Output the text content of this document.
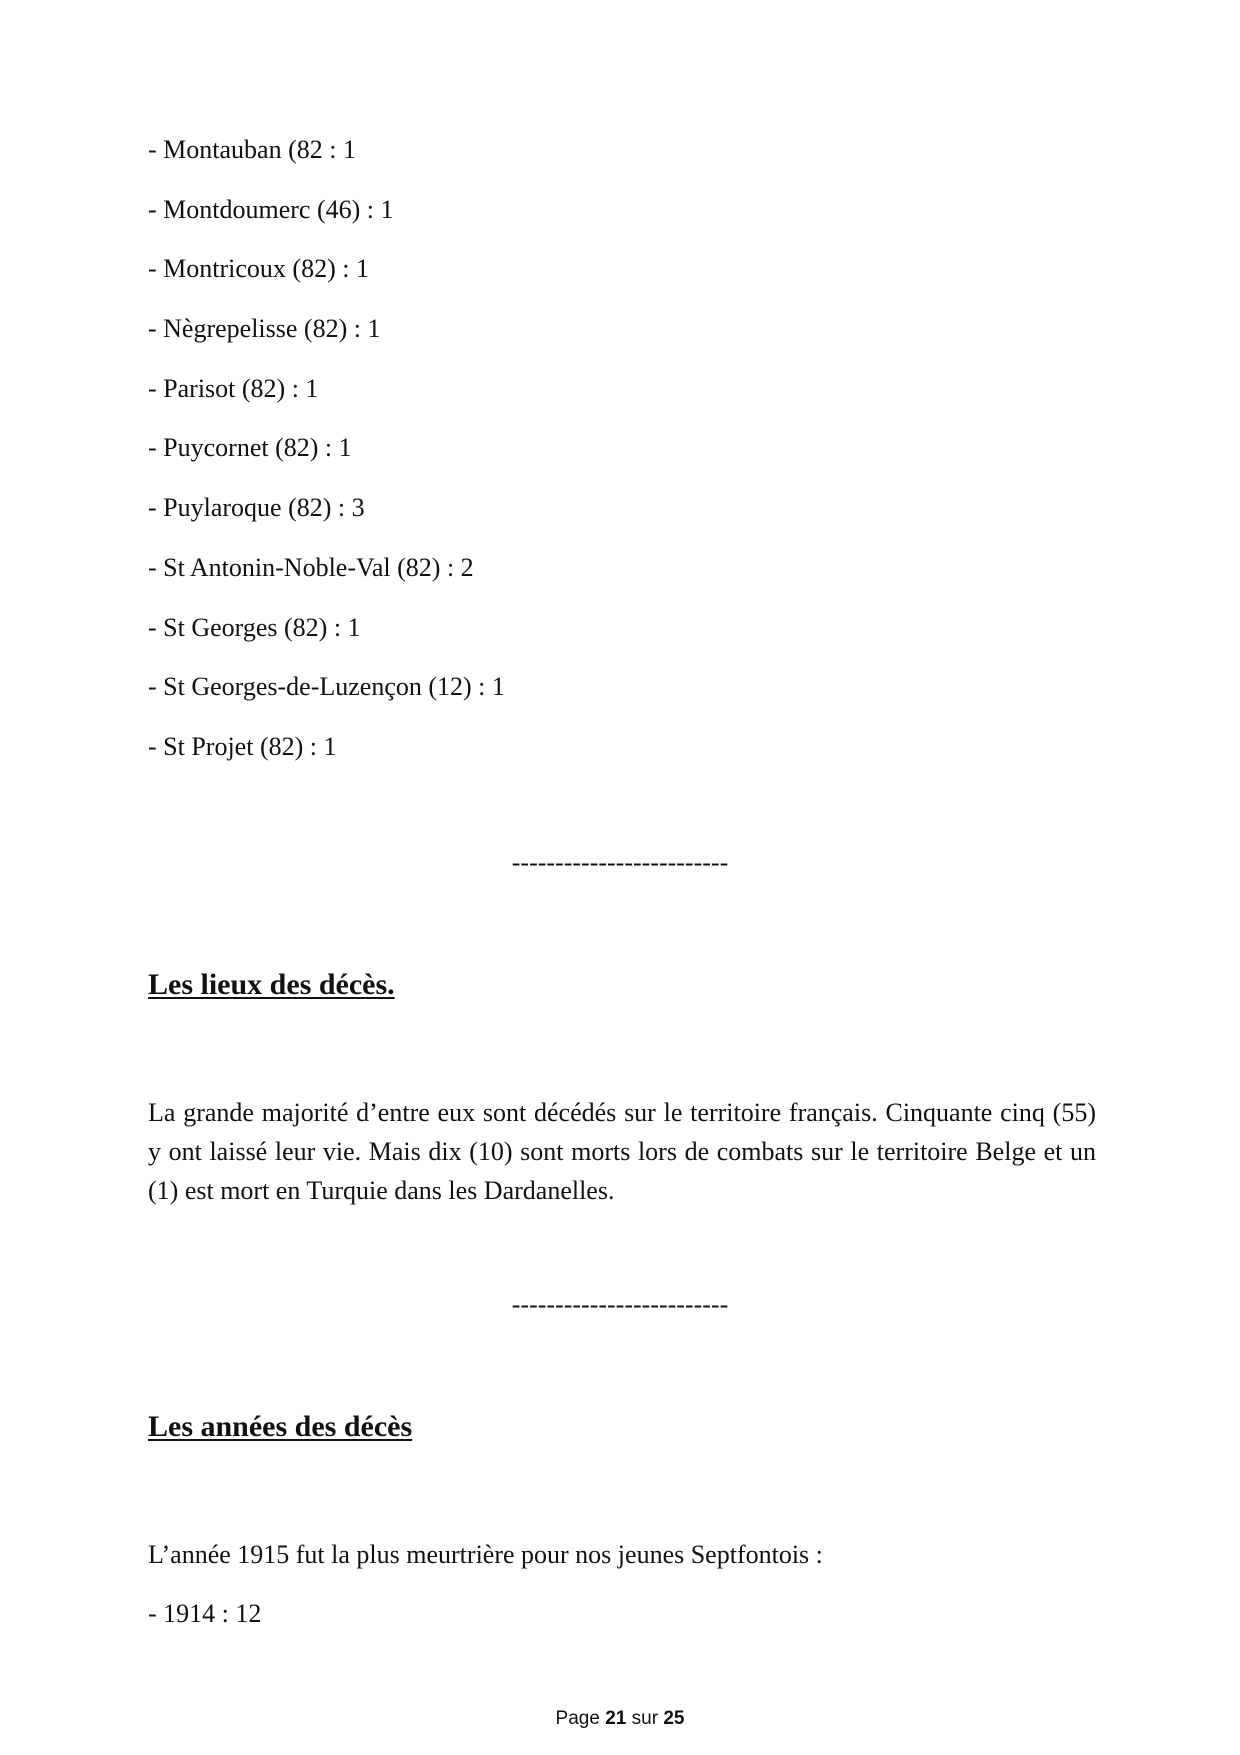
- Montauban (82 : 1
- Montdoumerc (46) : 1
- Montricoux (82) : 1
- Nègrepelisse (82) : 1
- Parisot (82) : 1
- Puycornet (82) : 1
- Puylaroque (82) : 3
- St Antonin-Noble-Val (82) : 2
- St Georges (82) : 1
- St Georges-de-Luzençon (12) : 1
- St Projet (82) : 1
-------------------------
Les lieux des décès.

La grande majorité d’entre eux sont décédés sur le territoire français. Cinquante cinq (55) y ont laissé leur vie. Mais dix (10) sont morts lors de combats sur le territoire Belge et un (1) est mort en Turquie dans les Dardanelles.

-------------------------
Les années des décès

L’année 1915 fut la plus meurtrière pour nos jeunes Septfontois :

- 1914 : 12
Page 21 sur 25
